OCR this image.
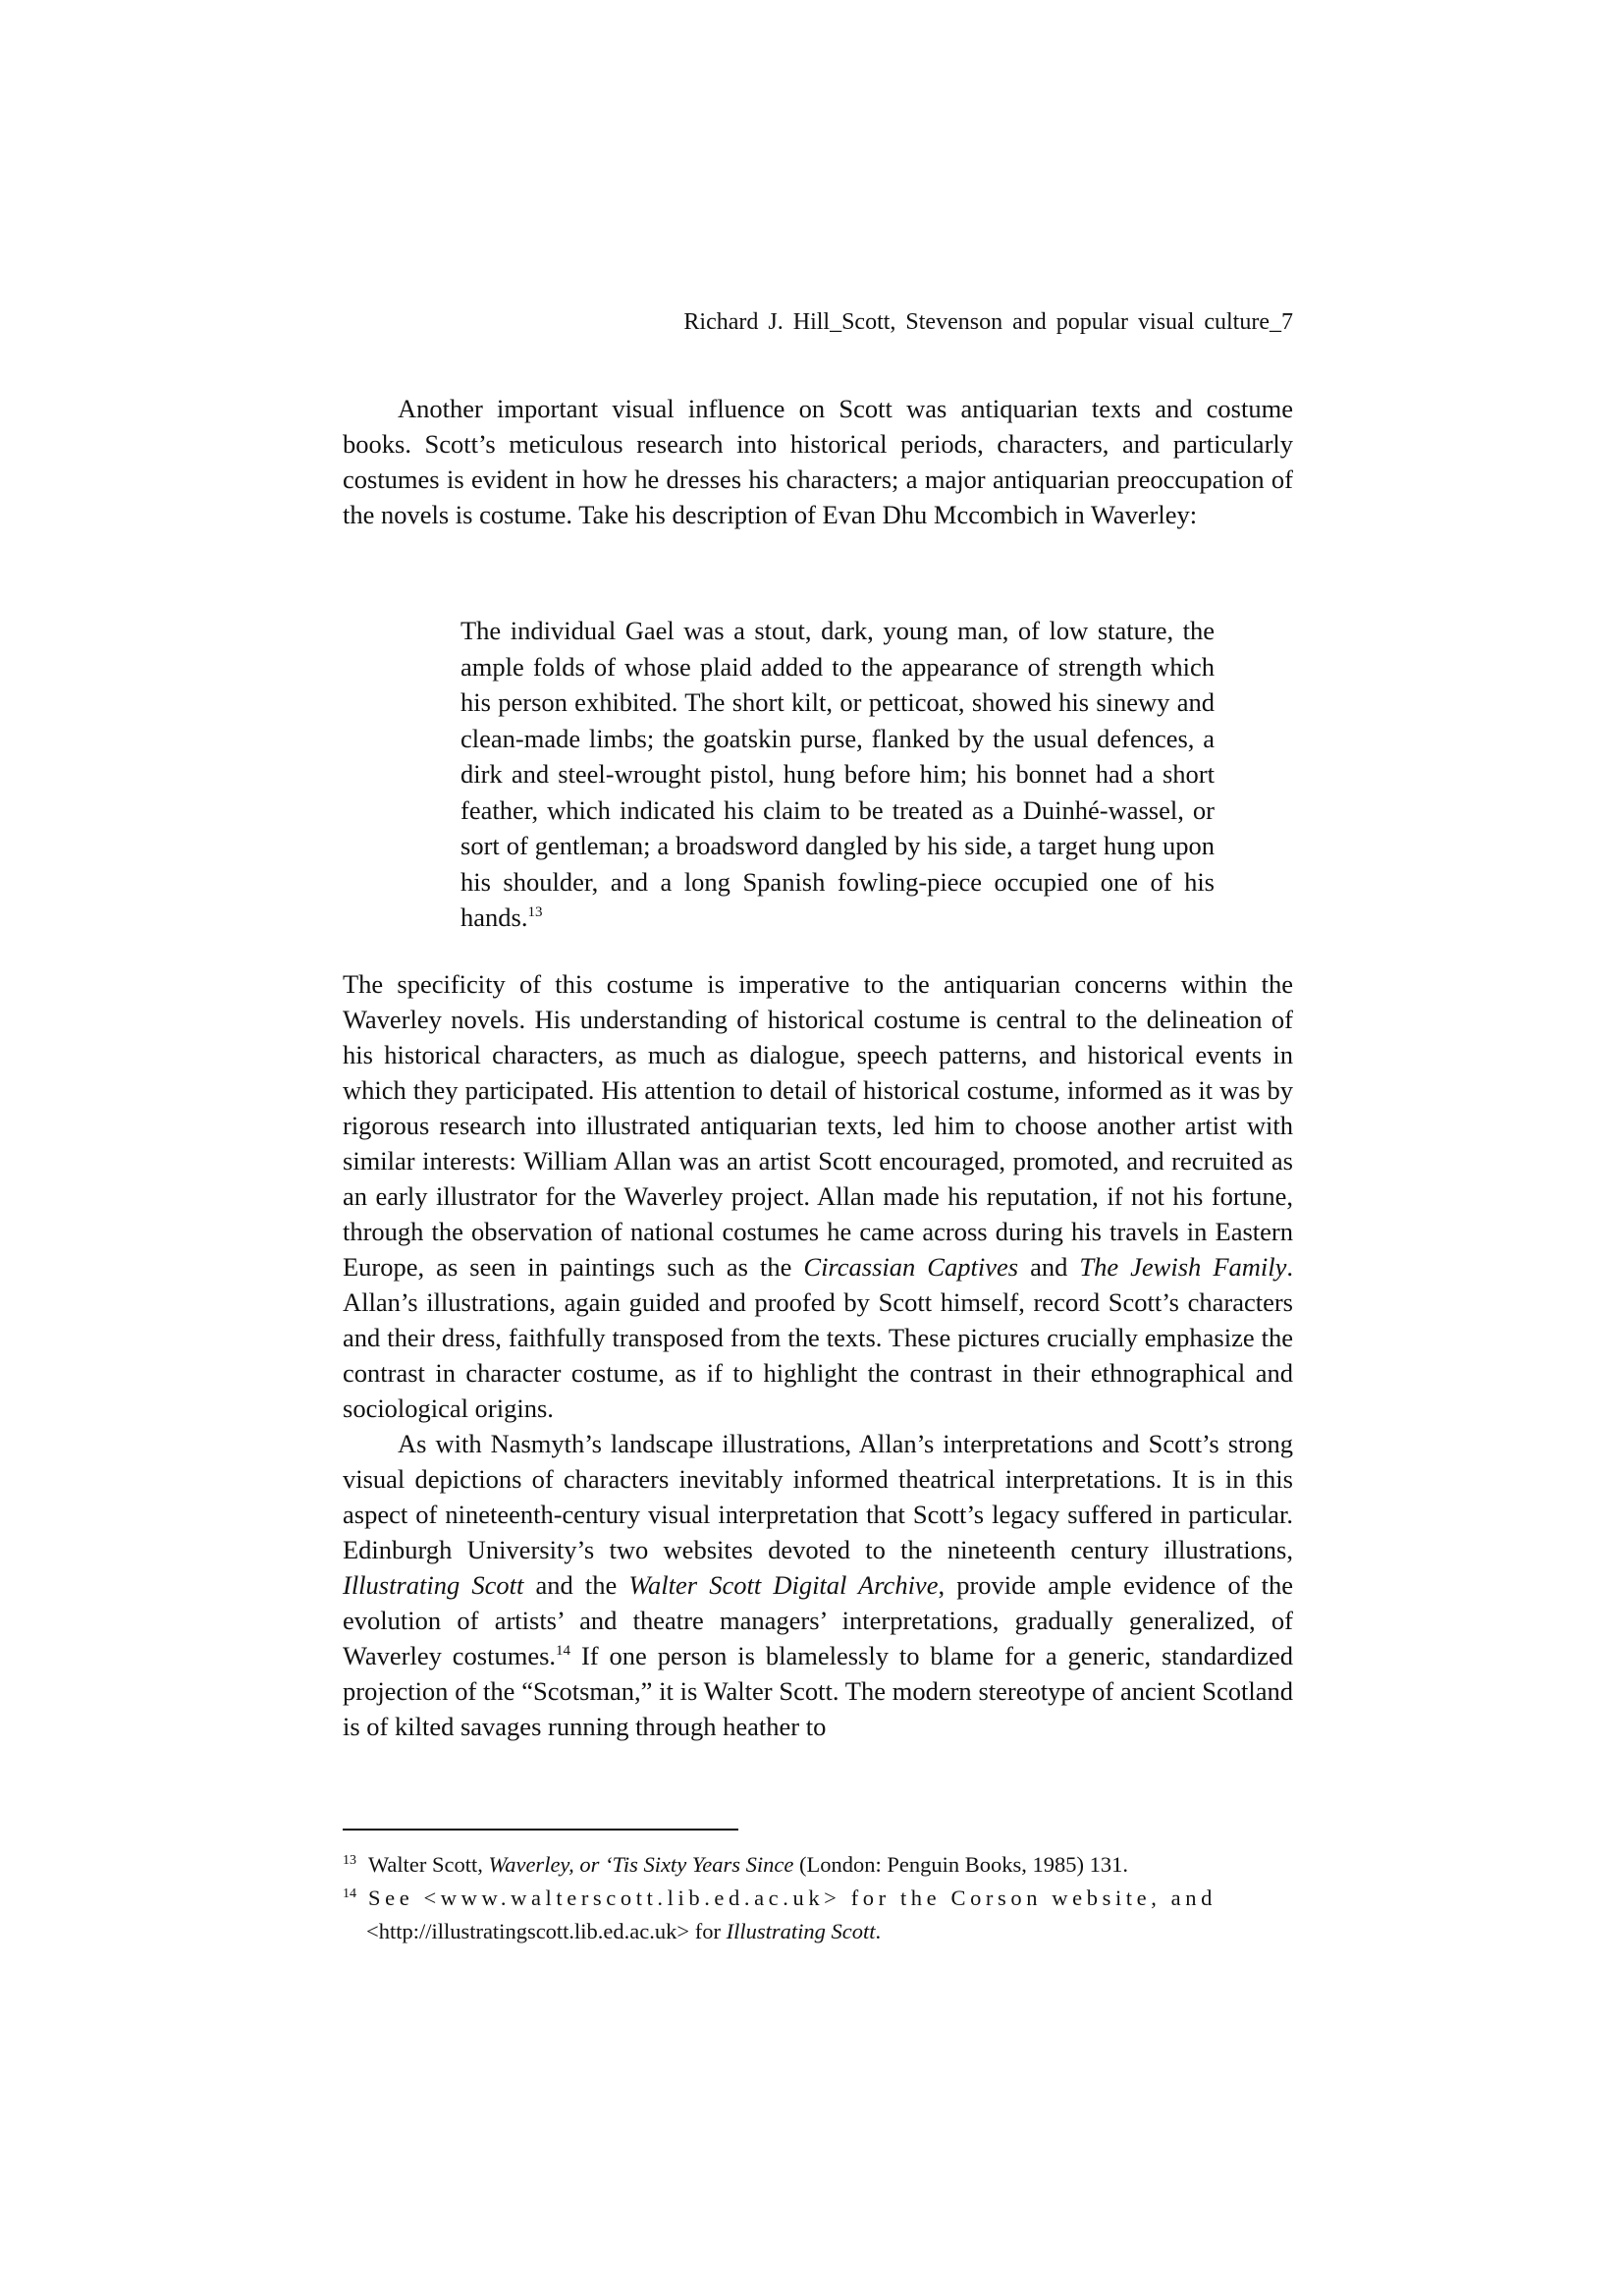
Richard J. Hill_Scott, Stevenson and popular visual culture_7

Another important visual influence on Scott was antiquarian texts and costume books. Scott’s meticulous research into historical periods, characters, and particularly costumes is evident in how he dresses his characters; a major antiquarian preoccupation of the novels is costume. Take his description of Evan Dhu Mccombich in Waverley:

The individual Gael was a stout, dark, young man, of low stature, the ample folds of whose plaid added to the appearance of strength which his person exhibited. The short kilt, or petticoat, showed his sinewy and clean-made limbs; the goatskin purse, flanked by the usual defences, a dirk and steel-wrought pistol, hung before him; his bonnet had a short feather, which indicated his claim to be treated as a Duinhé-wassel, or sort of gentleman; a broadsword dangled by his side, a target hung upon his shoulder, and a long Spanish fowling-piece occupied one of his hands.$^{13}$

The specificity of this costume is imperative to the antiquarian concerns within the Waverley novels. His understanding of historical costume is central to the delineation of his historical characters, as much as dialogue, speech patterns, and historical events in which they participated. His attention to detail of historical costume, informed as it was by rigorous research into illustrated antiquarian texts, led him to choose another artist with similar interests: William Allan was an artist Scott encouraged, promoted, and recruited as an early illustrator for the Waverley project. Allan made his reputation, if not his fortune, through the observation of national costumes he came across during his travels in Eastern Europe, as seen in paintings such as the Circassian Captives and The Jewish Family. Allan’s illustrations, again guided and proofed by Scott himself, record Scott’s characters and their dress, faithfully transposed from the texts. These pictures crucially emphasize the contrast in character costume, as if to highlight the contrast in their ethnographical and sociological origins.

As with Nasmyth’s landscape illustrations, Allan’s interpretations and Scott’s strong visual depictions of characters inevitably informed theatrical interpretations. It is in this aspect of nineteenth-century visual interpretation that Scott’s legacy suffered in particular. Edinburgh University’s two websites devoted to the nineteenth century illustrations, Illustrating Scott and the Walter Scott Digital Archive, provide ample evidence of the evolution of artists’ and theatre managers’ interpretations, gradually generalized, of Waverley costumes.$^{14}$ If one person is blamelessly to blame for a generic, standardized projection of the “Scotsman,” it is Walter Scott. The modern stereotype of ancient Scotland is of kilted savages running through heather to

$^{13}$ Walter Scott, Waverley, or ‘Tis Sixty Years Since (London: Penguin Books, 1985) 131.
$^{14}$ See <www.walterscott.lib.ed.ac.uk> for the Corson website, and
<http://illustratingscott.lib.ed.ac.uk> for Illustrating Scott.
